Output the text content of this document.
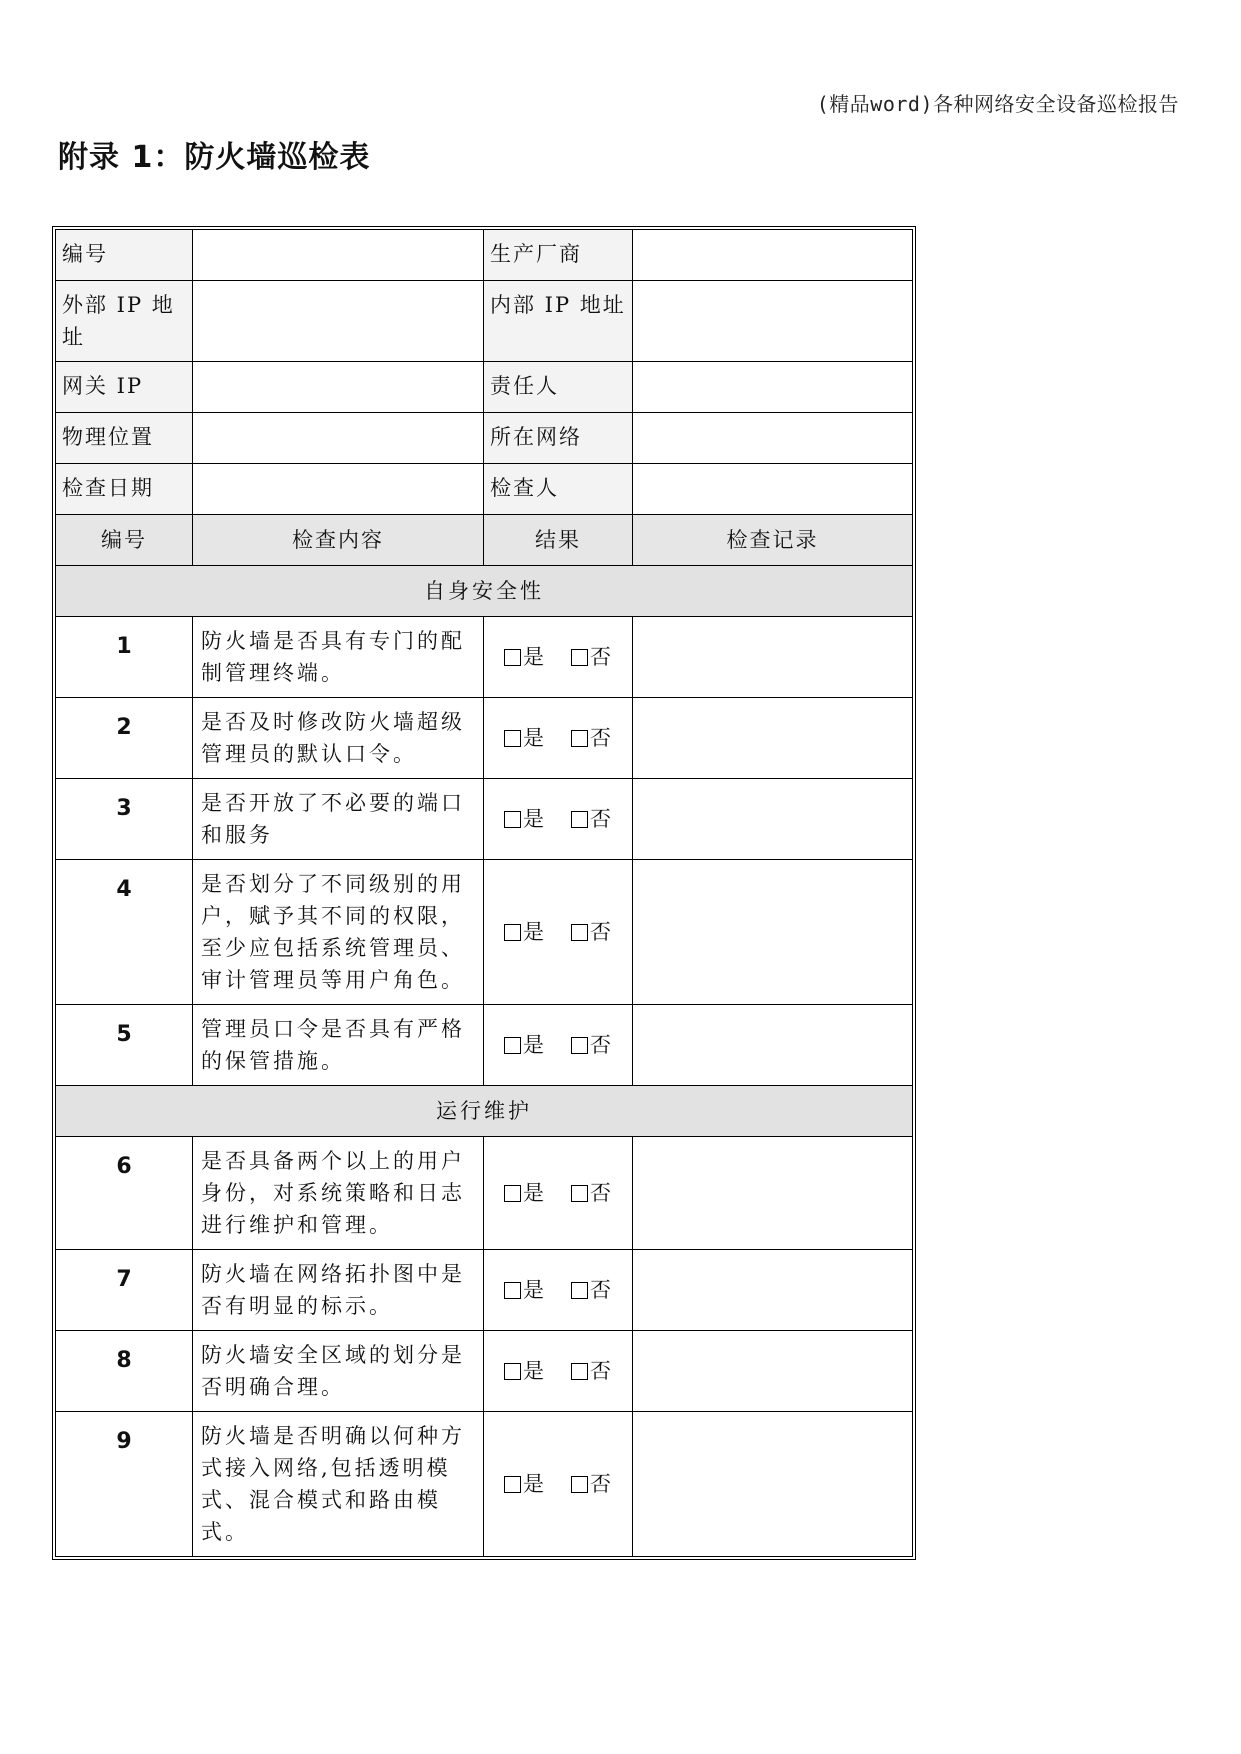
(精品word)各种网络安全设备巡检报告
附录 1：防火墙巡检表
编号		生产厂商	
外部 IP 地址		内部 IP 地址	
网关 IP		责任人	
物理位置		所在网络	
检查日期		检查人	
编号	检查内容	结果	检查记录
自身安全性			
1	防火墙是否具有专门的配制管理终端。	是 否	
2	是否及时修改防火墙超级管理员的默认口令。	是 否	
3	是否开放了不必要的端口和服务	是 否	
4	是否划分了不同级别的用户，赋予其不同的权限，至少应包括系统管理员、审计管理员等用户角色。	是 否	
5	管理员口令是否具有严格的保管措施。	是 否	
运行维护			
6	是否具备两个以上的用户身份，对系统策略和日志进行维护和管理。	是 否	
7	防火墙在网络拓扑图中是否有明显的标示。	是 否	
8	防火墙安全区域的划分是否明确合理。	是 否	
9	防火墙是否明确以何种方式接入网络,包括透明模式、混合模式和路由模式。	是 否	
